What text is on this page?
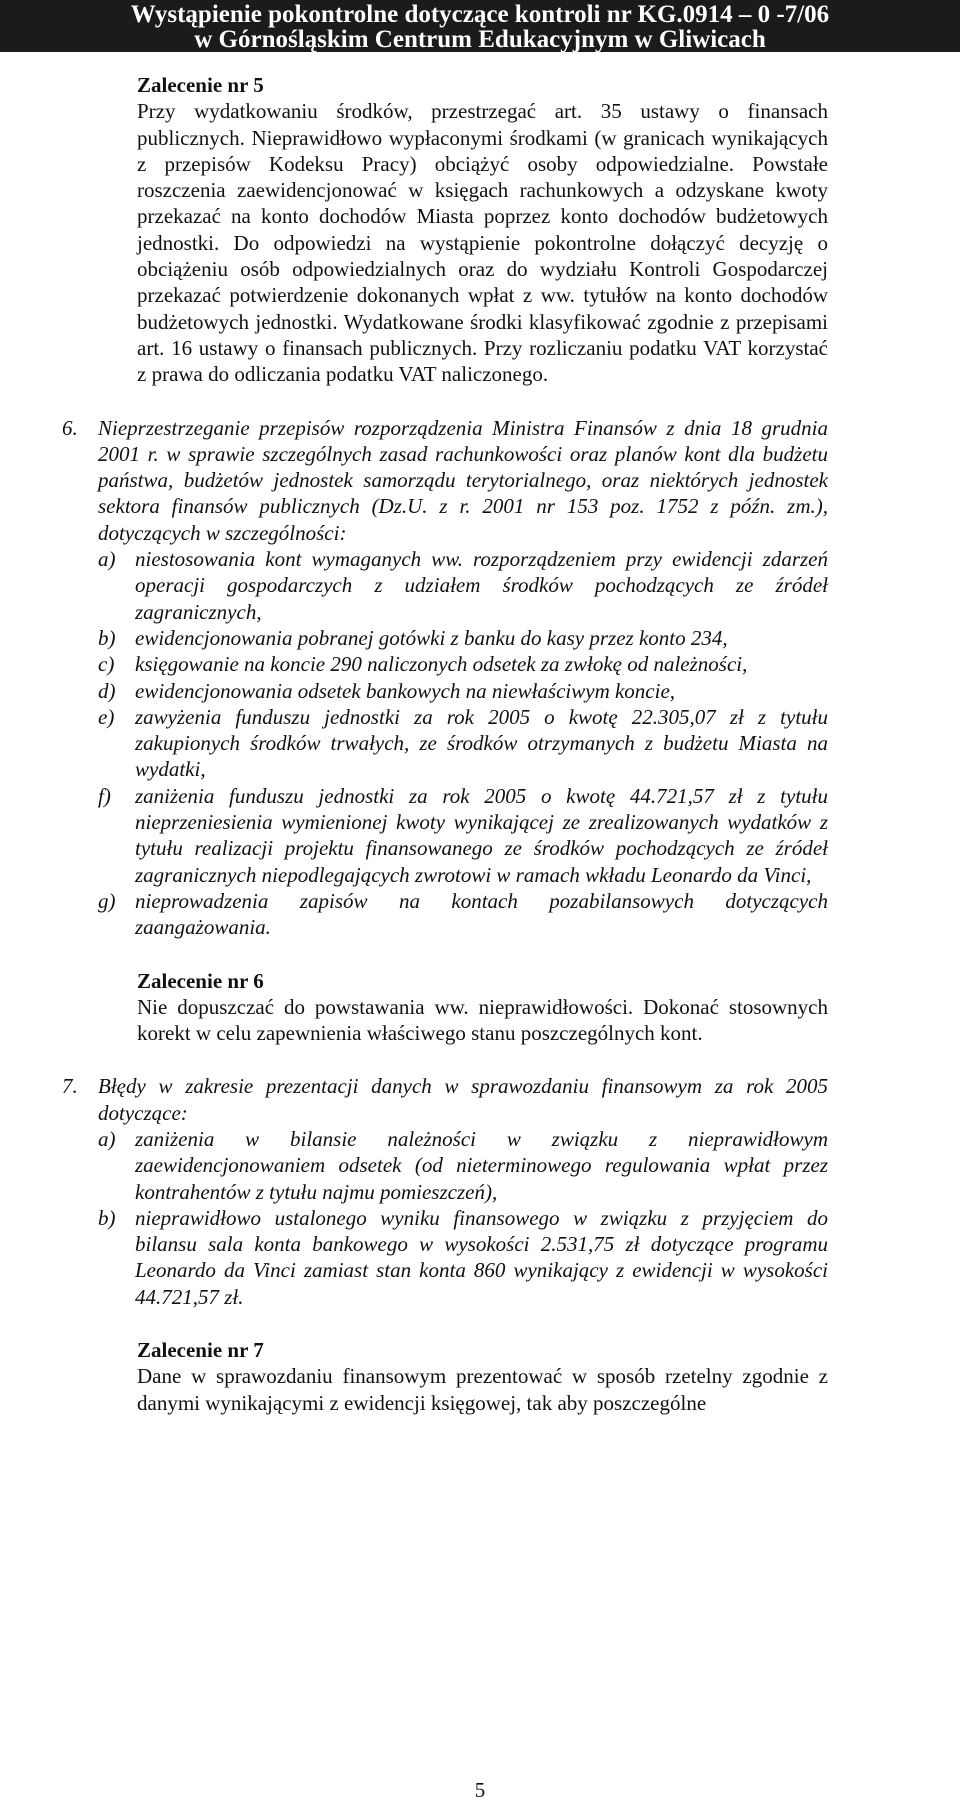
Wystąpienie pokontrolne dotyczące kontroli nr KG.0914 – 0 -7/06
w Górnośląskim Centrum Edukacyjnym w Gliwicach

Zalecenie nr 5

Przy wydatkowaniu środków, przestrzegać art. 35 ustawy o finansach publicznych. Nieprawidłowo wypłaconymi środkami (w granicach wynikających z przepisów Kodeksu Pracy) obciążyć osoby odpowiedzialne. Powstałe roszczenia zaewidencjonować w księgach rachunkowych a odzyskane kwoty przekazać na konto dochodów Miasta poprzez konto dochodów budżetowych jednostki. Do odpowiedzi na wystąpienie pokontrolne dołączyć decyzję o obciążeniu osób odpowiedzialnych oraz do wydziału Kontroli Gospodarczej przekazać potwierdzenie dokonanych wpłat z ww. tytułów na konto dochodów budżetowych jednostki. Wydatkowane środki klasyfikować zgodnie z przepisami art. 16 ustawy o finansach publicznych. Przy rozliczaniu podatku VAT korzystać z prawa do odliczania podatku VAT naliczonego.

6. Nieprzestrzeganie przepisów rozporządzenia Ministra Finansów z dnia 18 grudnia 2001 r. w sprawie szczególnych zasad rachunkowości oraz planów kont dla budżetu państwa, budżetów jednostek samorządu terytorialnego, oraz niektórych jednostek sektora finansów publicznych (Dz.U. z r. 2001 nr 153 poz. 1752 z późn. zm.), dotyczących w szczególności:

a) niestosowania kont wymaganych ww. rozporządzeniem przy ewidencji zdarzeń operacji gospodarczych z udziałem środków pochodzących ze źródeł zagranicznych,
b) ewidencjonowania pobranej gotówki z banku do kasy przez konto 234,
c) księgowanie na koncie 290 naliczonych odsetek za zwłokę od należności,
d) ewidencjonowania odsetek bankowych na niewłaściwym koncie,
e) zawyżenia funduszu jednostki za rok 2005 o kwotę 22.305,07 zł z tytułu zakupionych środków trwałych, ze środków otrzymanych z budżetu Miasta na wydatki,
f)	zaniżenia funduszu jednostki za rok 2005 o kwotę 44.721,57 zł z tytułu nieprzeniesienia wymienionej kwoty wynikającej ze zrealizowanych wydatków z tytułu realizacji projektu finansowanego ze środków pochodzących ze źródeł zagranicznych niepodlegających zwrotowi w ramach wkładu Leonardo da Vinci,
g) nieprowadzenia zapisów na kontach pozabilansowych dotyczących zaangażowania.

Zalecenie nr 6

Nie dopuszczać do powstawania ww. nieprawidłowości. Dokonać stosownych korekt w celu zapewnienia właściwego stanu poszczególnych kont.

7. Błędy w zakresie prezentacji danych w sprawozdaniu finansowym za rok 2005 dotyczące:

a) zaniżenia w bilansie należności w związku z nieprawidłowym zaewidencjonowaniem odsetek (od nieterminowego regulowania wpłat przez kontrahentów z tytułu najmu pomieszczeń),
b) nieprawidłowo ustalonego wyniku finansowego w związku z przyjęciem do bilansu sala konta bankowego w wysokości 2.531,75 zł dotyczące programu Leonardo da Vinci zamiast stan konta 860 wynikający z ewidencji w wysokości 44.721,57 zł.

Zalecenie nr 7

Dane w sprawozdaniu finansowym prezentować w sposób rzetelny zgodnie z danymi wynikającymi z ewidencji księgowej, tak aby poszczególne

5
